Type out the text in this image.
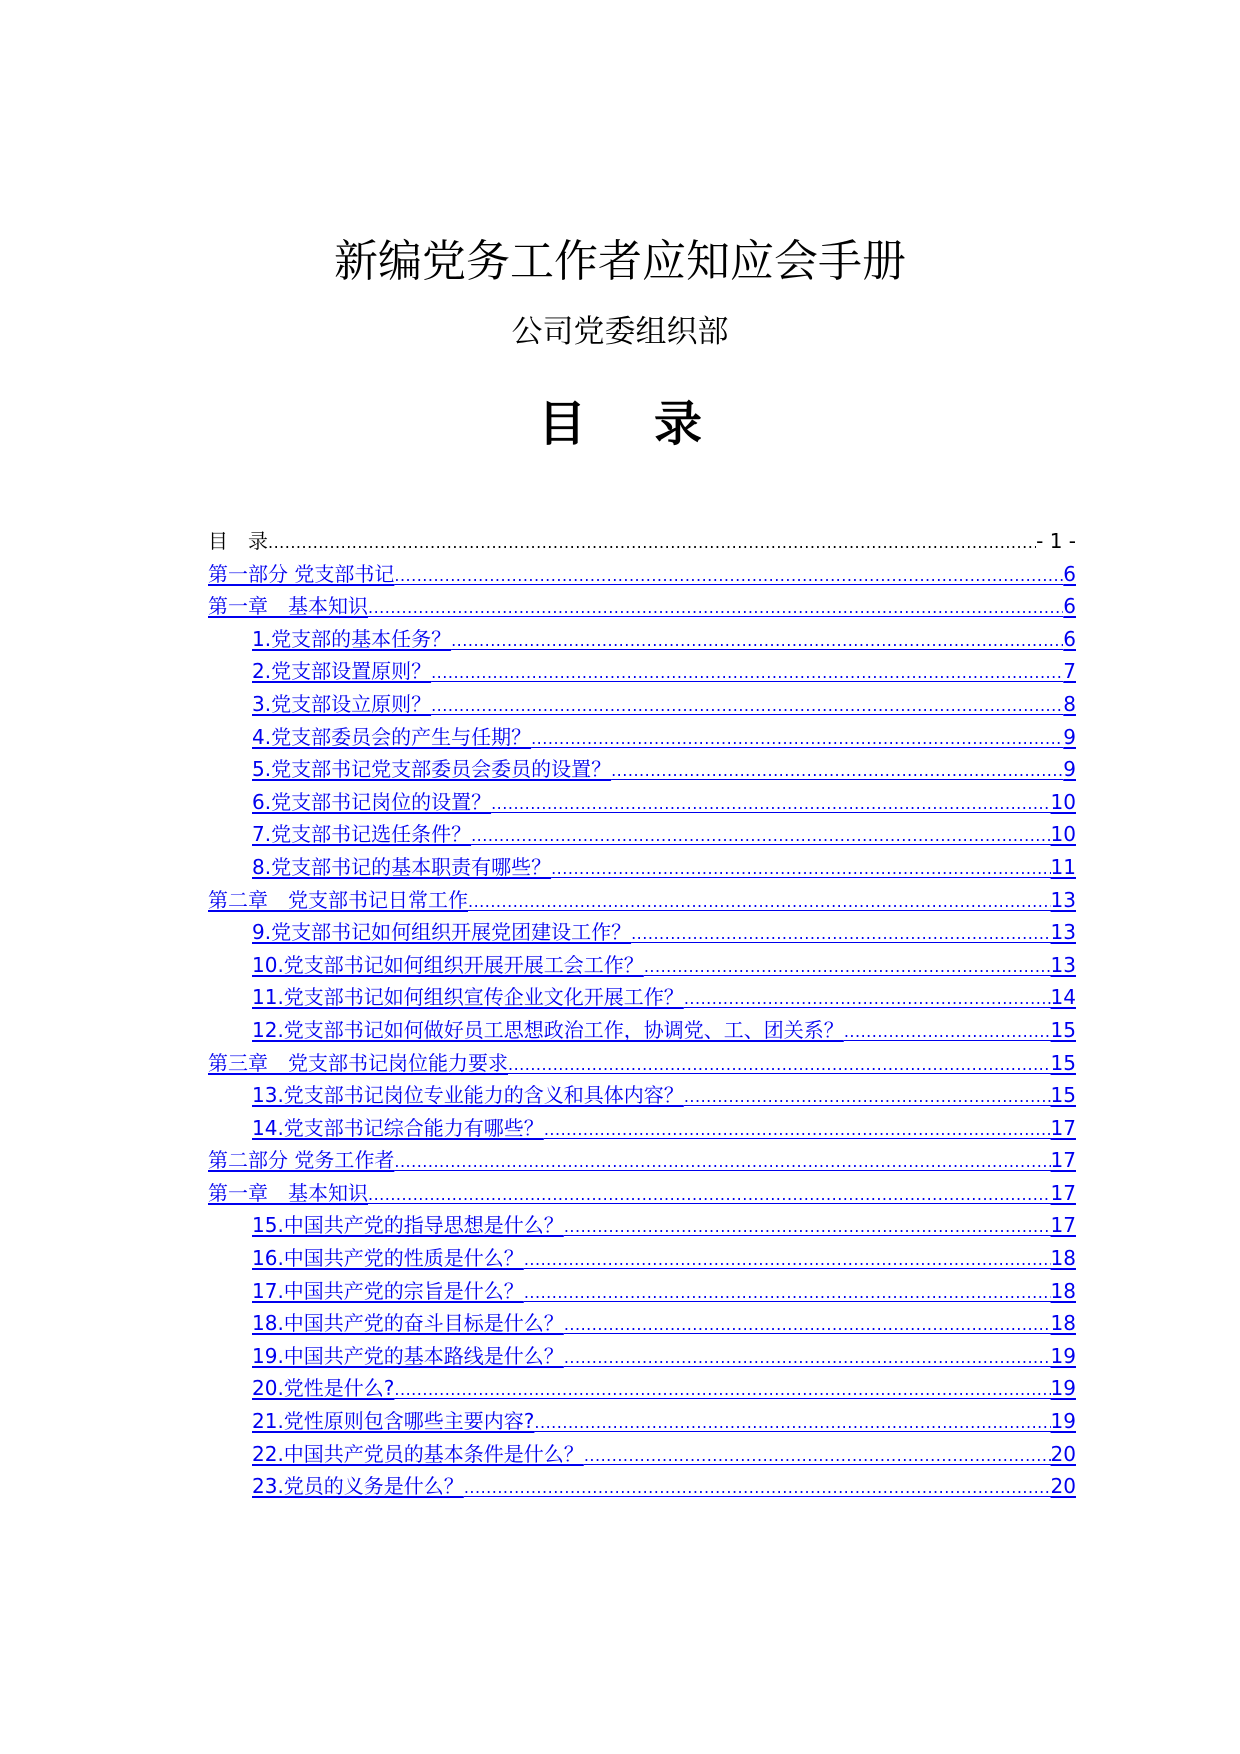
新编党务工作者应知应会手册
公司党委组织部
目 录
目　录 .....	- 1 -
第一部分 党支部书记 .....	6
第一章　基本知识 .....	6
1.党支部的基本任务？ .....	6
2.党支部设置原则？ .....	7
3.党支部设立原则？ .....	8
4.党支部委员会的产生与任期？ .....	9
5.党支部书记党支部委员会委员的设置？ .....	9
6.党支部书记岗位的设置？ .....	10
7.党支部书记选任条件？ .....	10
8.党支部书记的基本职责有哪些？ .....	11
第二章　党支部书记日常工作 .....	13
9.党支部书记如何组织开展党团建设工作？ .....	13
10.党支部书记如何组织开展开展工会工作？ .....	13
11.党支部书记如何组织宣传企业文化开展工作？ .....	14
12.党支部书记如何做好员工思想政治工作，协调党、工、团关系？ .....	15
第三章　党支部书记岗位能力要求 .....	15
13.党支部书记岗位专业能力的含义和具体内容？ .....	15
14.党支部书记综合能力有哪些？ .....	17
第二部分 党务工作者 .....	17
第一章　基本知识 .....	17
15.中国共产党的指导思想是什么？ .....	17
16.中国共产党的性质是什么？ .....	18
17.中国共产党的宗旨是什么？ .....	18
18.中国共产党的奋斗目标是什么？ .....	18
19.中国共产党的基本路线是什么？ .....	19
20.党性是什么? .....	19
21.党性原则包含哪些主要内容? .....	19
22.中国共产党员的基本条件是什么？ .....	20
23.党员的义务是什么？ .....	20
